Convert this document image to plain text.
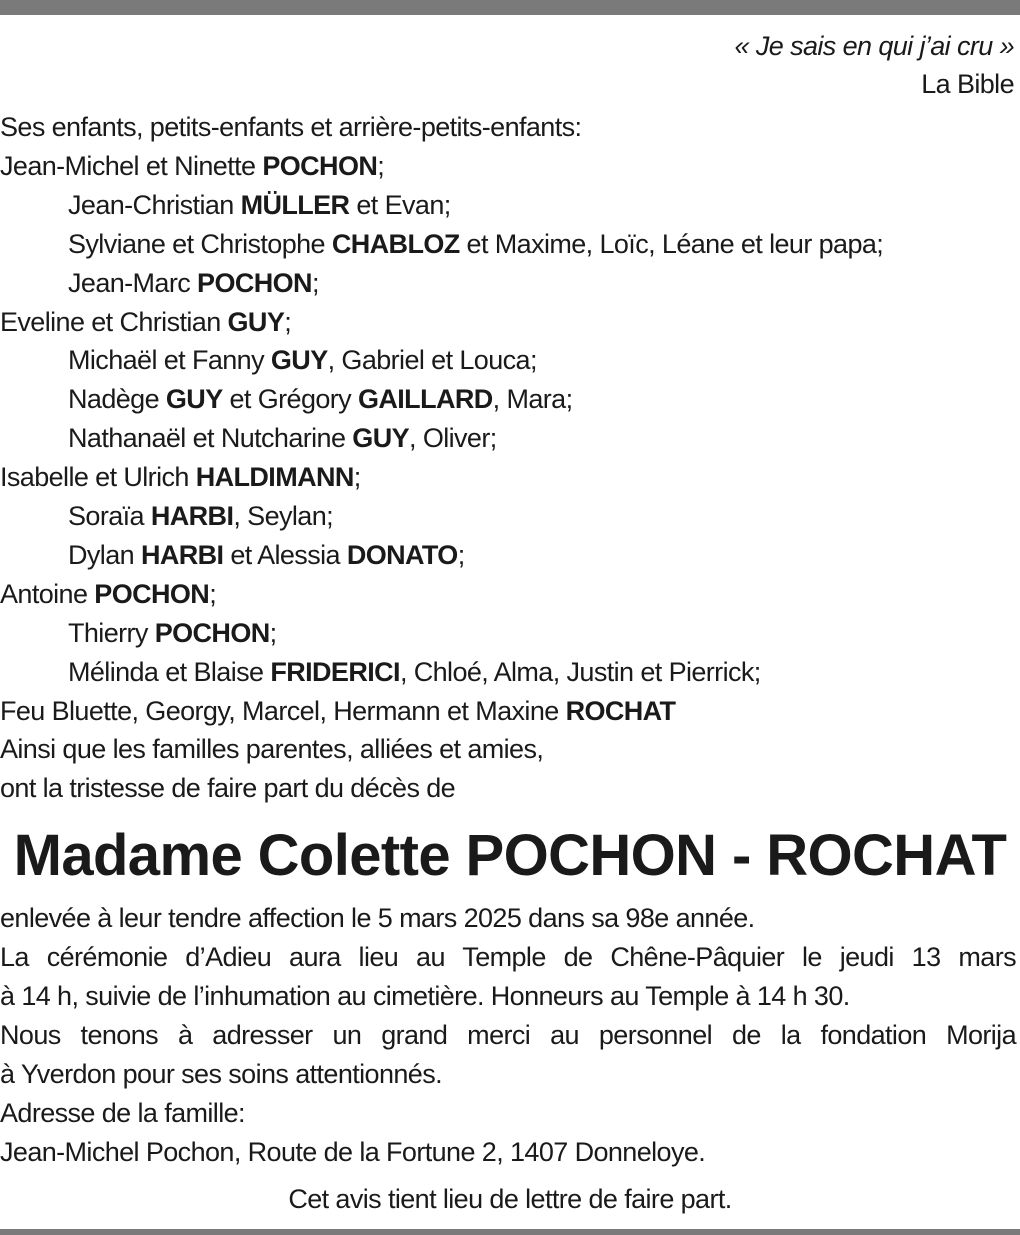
« Je sais en qui j’ai cru »
La Bible
Ses enfants, petits-enfants et arrière-petits-enfants:
Jean-Michel et Ninette POCHON;
Jean-Christian MÜLLER et Evan;
Sylviane et Christophe CHABLOZ et Maxime, Loïc, Léane et leur papa;
Jean-Marc POCHON;
Eveline et Christian GUY;
Michaël et Fanny GUY, Gabriel et Louca;
Nadège GUY et Grégory GAILLARD, Mara;
Nathanaël et Nutcharine GUY, Oliver;
Isabelle et Ulrich HALDIMANN;
Soraïa HARBI, Seylan;
Dylan HARBI et Alessia DONATO;
Antoine POCHON;
Thierry POCHON;
Mélinda et Blaise FRIDERICI, Chloé, Alma, Justin et Pierrick;
Feu Bluette, Georgy, Marcel, Hermann et Maxine ROCHAT
Ainsi que les familles parentes, alliées et amies,
ont la tristesse de faire part du décès de
Madame Colette POCHON - ROCHAT
enlevée à leur tendre affection le 5 mars 2025 dans sa 98e année.
La cérémonie d’Adieu aura lieu au Temple de Chêne-Pâquier le jeudi 13 mars
à 14 h, suivie de l’inhumation au cimetière. Honneurs au Temple à 14 h 30.
Nous tenons à adresser un grand merci au personnel de la fondation Morija
à Yverdon pour ses soins attentionnés.
Adresse de la famille:
Jean-Michel Pochon, Route de la Fortune 2, 1407 Donneloye.
Cet avis tient lieu de lettre de faire part.
